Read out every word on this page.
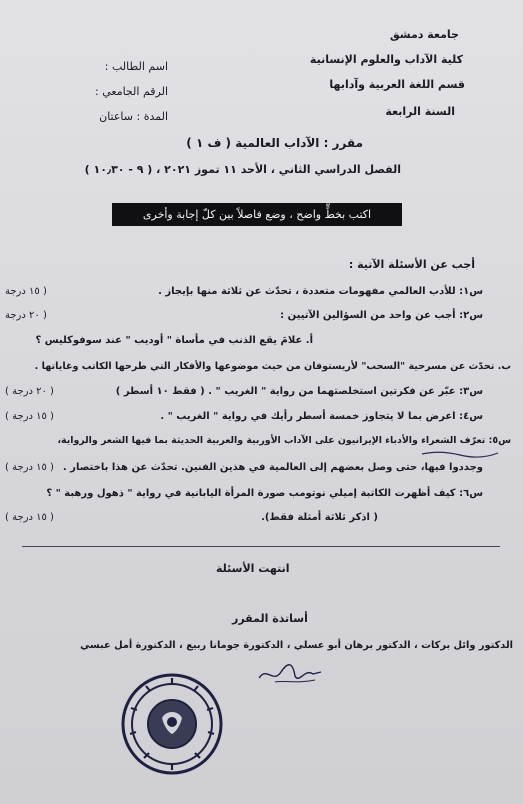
جامعة دمشق
كلية الآداب والعلوم الإنسانية
قسم اللغة العربية وآدابها
السنة الرابعة
اسم الطالب :
الرقم الجامعي :
المدة : ساعتان
مقرر : الآداب العالمية ( ف ١ )
الفصل الدراسي الثاني ، الأحد ١١ تموز ٢٠٢١ ، ( ٩ - ١٠٫٣٠ )
اكتب بخطٍّ واضح ، وضع فاصلاً بين كلّ إجابة وأخرى
أجب عن الأسئلة الآتية :
س١: للأدب العالمي مفهومات متعددة ، تحدّث عن ثلاثة منها بإيجاز .
( ١٥ درجة
س٢: أجب عن واحد من السؤالين الآتيين :
( ٢٠ درجة
أ. علامَ يقع الذنب في مأساة " أوديب " عند سوفوكليس ؟
ب. تحدّث عن مسرحية "السحب" لأريستوفان من حيث موضوعها والأفكار التي طرحها الكاتب وغاياتها .
س٣: عبّر عن فكرتين استخلصتهما من رواية " الغريب " . ( فقط ١٠ أسطر )
( ٢٠ درجة )
س٤: اعرض بما لا يتجاوز خمسة أسطر رأيك في رواية " الغريب " .
( ١٥ درجة )
س٥: تعرّف الشعراء والأدباء الإيرانيون على الآداب الأوربية والعربية الحديثة بما فيها الشعر والرواية،
وجددوا فيها، حتى وصل بعضهم إلى العالمية في هذين الفنين. تحدّث عن هذا باختصار .
( ١٥ درجة )
س٦: كيف أظهرت الكاتبة إميلي نوتومب صورة المرأة اليابانية في رواية " ذهول ورهبة " ؟
( اذكر ثلاثة أمثلة فقط).
( ١٥ درجة )
انتهت الأسئلة
أساتذة المقرر
الدكتور وائل بركات ، الدكتور برهان أبو عسلي ، الدكتورة جومانا ربيع ، الدكتورة أمل عبسي
